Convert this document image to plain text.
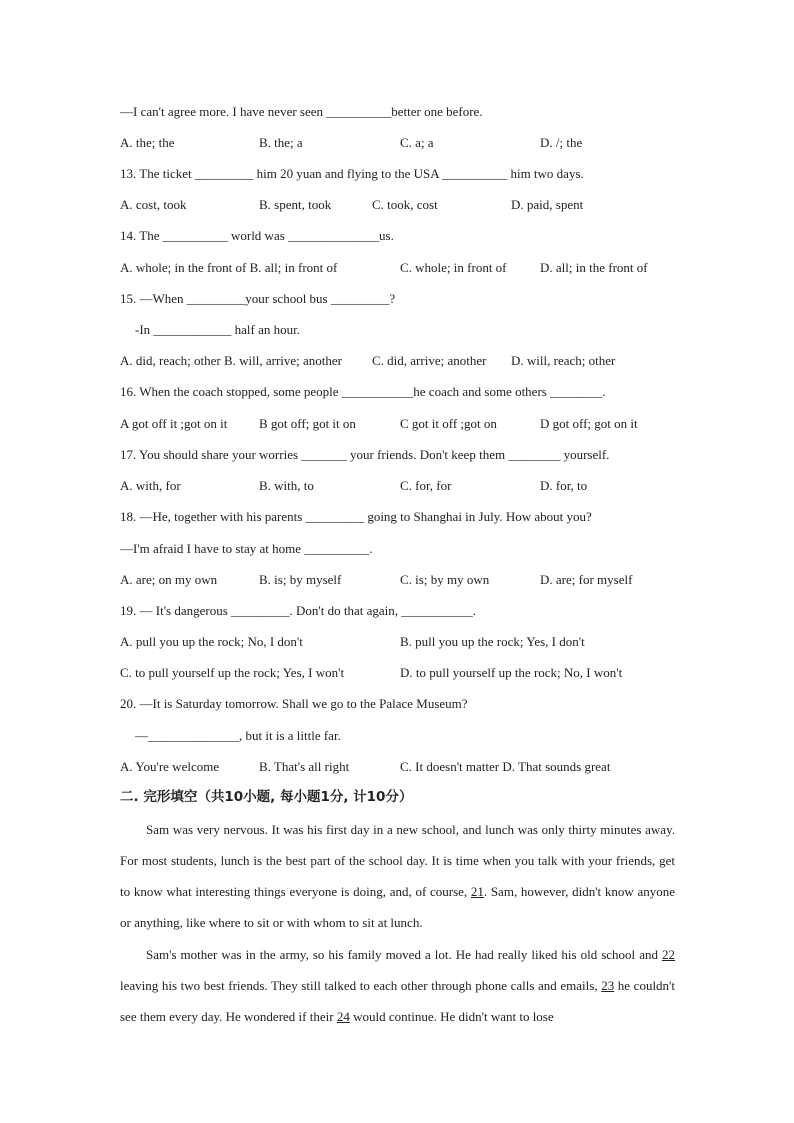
—I can't agree more. I have never seen __________better one before.
A. the; the	B. the; a	C. a; a	D. /; the
13. The ticket _________ him 20 yuan and flying to the USA __________ him two days.
A. cost, took	B. spent, took	C. took, cost	D. paid, spent
14. The __________ world was ______________us.
A. whole; in the front of B. all; in front of	C. whole; in front of	D. all; in the front of
15. —When _________your school bus _________?
-In ____________ half an hour.
A. did, reach; other B. will, arrive; another C. did, arrive; another D. will, reach; other
16. When the coach stopped, some people ___________he coach and some others ________.
A got off it ;got on it B got off; got it on	C got it off ;got on	D got off; got on it
17. You should share your worries _______ your friends. Don't keep them ________ yourself.
A. with, for	B. with, to	C. for, for	D. for, to
18. —He, together with his parents _________ going to Shanghai in July. How about you?
—I'm afraid I have to stay at home __________.
A. are; on my own	B. is; by myself	C. is; by my own	D. are; for myself
19. — It's dangerous _________. Don't do that again, ___________.
A. pull you up the rock; No, I don't	B. pull you up the rock; Yes, I don't
C. to pull yourself up the rock; Yes, I won't	D. to pull yourself up the rock; No, I won't
20. —It is Saturday tomorrow. Shall we go to the Palace Museum?
—______________, but it is a little far.
A. You're welcome	B. That's all right	C. It doesn't matter D. That sounds great
二. 完形填空（共10小题, 每小题1分, 计10分）
Sam was very nervous. It was his first day in a new school, and lunch was only thirty minutes away. For most students, lunch is the best part of the school day. It is time when you talk with your friends, get to know what interesting things everyone is doing, and, of course, 21. Sam, however, didn't know anyone or anything, like where to sit or with whom to sit at lunch.
Sam's mother was in the army, so his family moved a lot. He had really liked his old school and 22 leaving his two best friends. They still talked to each other through phone calls and emails, 23 he couldn't see them every day. He wondered if their 24 would continue. He didn't want to lose
